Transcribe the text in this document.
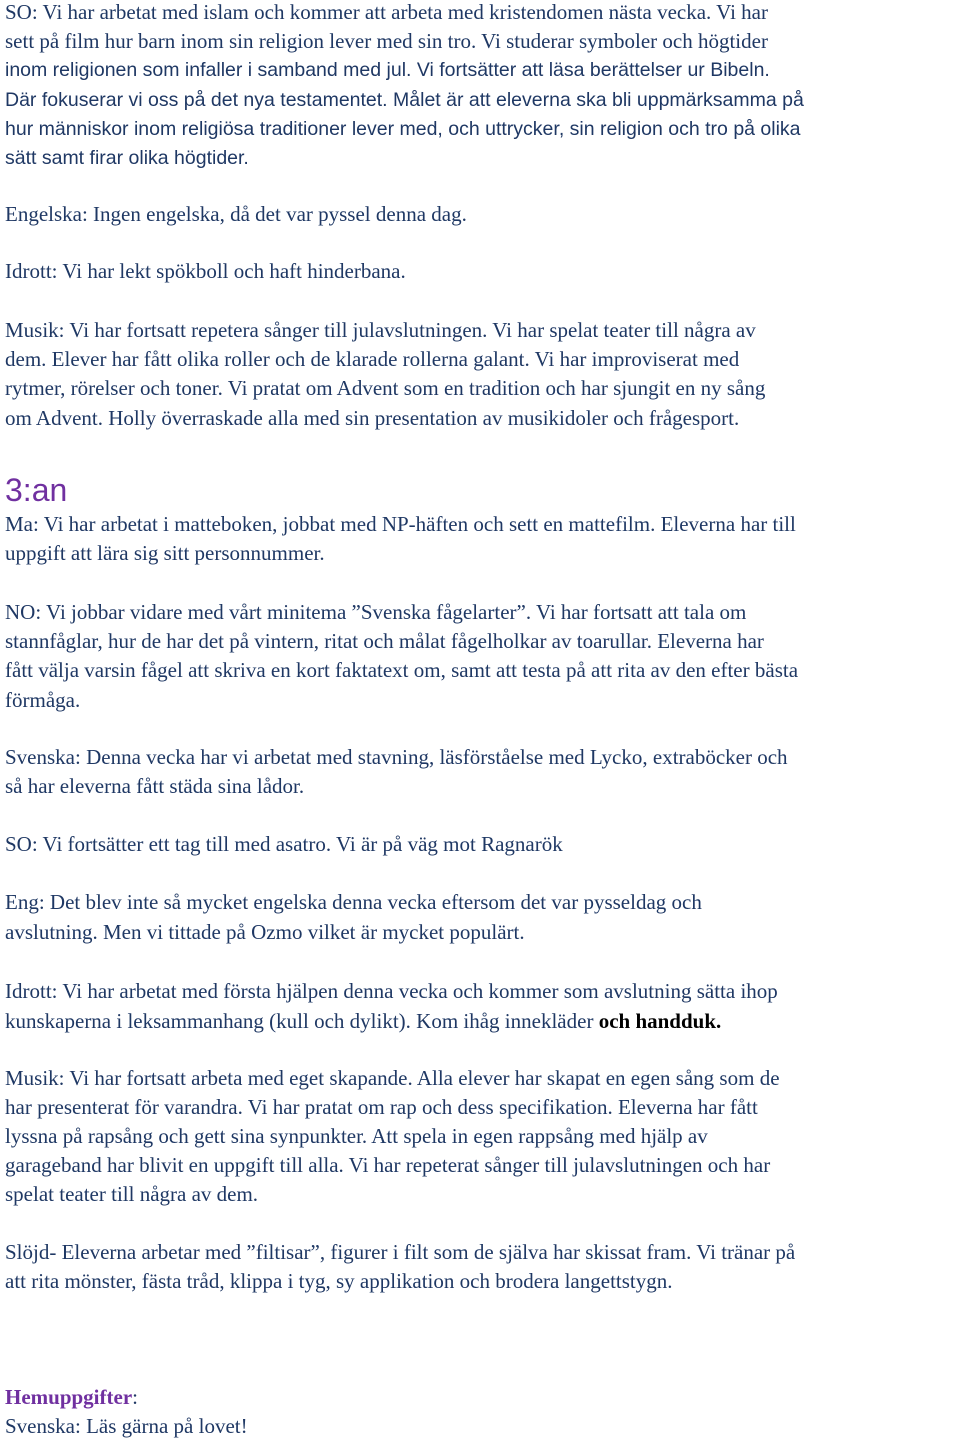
SO: Vi har arbetat med islam och kommer att arbeta med kristendomen nästa vecka. Vi har

sett på film hur barn inom sin religion lever med sin tro. Vi studerar symboler och högtider

inom religionen som infaller i samband med jul. Vi fortsätter att läsa berättelser ur Bibeln.

Där fokuserar vi oss på det nya testamentet. Målet är att eleverna ska bli uppmärksamma på

hur människor inom religiösa traditioner lever med, och uttrycker, sin religion och tro på olika

sätt samt firar olika högtider.

Engelska: Ingen engelska, då det var pyssel denna dag.

Idrott: Vi har lekt spökboll och haft hinderbana.

Musik: Vi har fortsatt repetera sånger till julavslutningen. Vi har spelat teater till några av

dem. Elever har fått olika roller och de klarade rollerna galant. Vi har improviserat med

rytmer, rörelser och toner. Vi pratat om Advent som en tradition och har sjungit en ny sång

om Advent. Holly överraskade alla med sin presentation av musikidoler och frågesport.

3:an

Ma: Vi har arbetat i matteboken, jobbat med NP-häften och sett en mattefilm. Eleverna har till

uppgift att lära sig sitt personnummer.

NO: Vi jobbar vidare med vårt minitema ”Svenska fågelarter”. Vi har fortsatt att tala om

stannfåglar, hur de har det på vintern, ritat och målat fågelholkar av toarullar. Eleverna har

fått välja varsin fågel att skriva en kort faktatext om, samt att testa på att rita av den efter bästa

förmåga.

Svenska: Denna vecka har vi arbetat med stavning, läsförståelse med Lycko, extraböcker och

så har eleverna fått städa sina lådor.

SO: Vi fortsätter ett tag till med asatro. Vi är på väg mot Ragnarök

Eng: Det blev inte så mycket engelska denna vecka eftersom det var pysseldag och

avslutning. Men vi tittade på Ozmo vilket är mycket populärt.

Idrott: Vi har arbetat med första hjälpen denna vecka och kommer som avslutning sätta ihop

kunskaperna i leksammanhang (kull och dylikt). Kom ihåg innekläder och handduk.

Musik: Vi har fortsatt arbeta med eget skapande. Alla elever har skapat en egen sång som de

har presenterat för varandra. Vi har pratat om rap och dess specifikation. Eleverna har fått

lyssna på rapsång och gett sina synpunkter. Att spela in egen rappsång med hjälp av

garageband har blivit en uppgift till alla. Vi har repeterat sånger till julavslutningen och har

spelat teater till några av dem.

Slöjd- Eleverna arbetar med ”filtisar”, figurer i filt som de själva har skissat fram. Vi tränar på

att rita mönster, fästa tråd, klippa i tyg, sy applikation och brodera langettstygn.

Hemuppgifter:

Svenska: Läs gärna på lovet!
